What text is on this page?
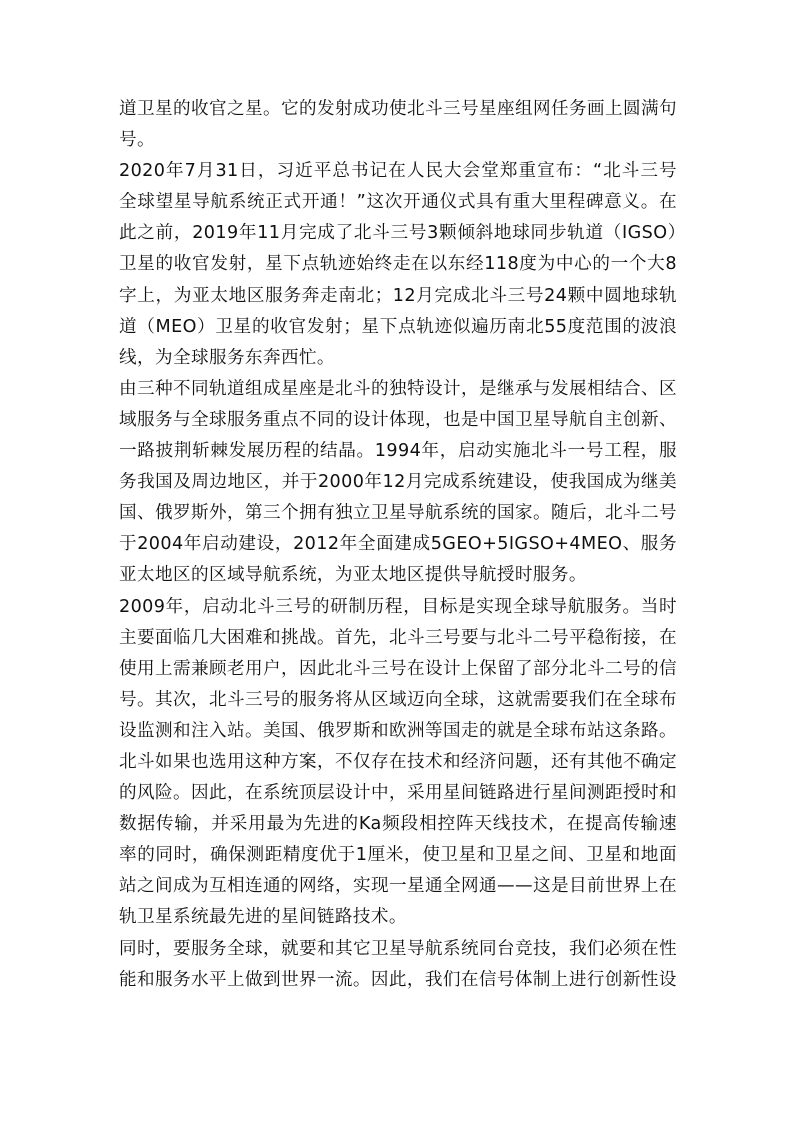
道卫星的收官之星。它的发射成功使北斗三号星座组网任务画上圆满句号。

2020年7月31日，习近平总书记在人民大会堂郑重宣布：“北斗三号全球望星导航系统正式开通！”这次开通仪式具有重大里程碑意义。在此之前，2019年11月完成了北斗三号3颗倾斜地球同步轨道（IGSO）卫星的收官发射，星下点轨迹始终走在以东经118度为中心的一个大8字上，为亚太地区服务奔走南北；12月完成北斗三号24颗中圆地球轨道（MEO）卫星的收官发射；星下点轨迹似遍历南北55度范围的波浪线，为全球服务东奔西忙。

由三种不同轨道组成星座是北斗的独特设计，是继承与发展相结合、区域服务与全球服务重点不同的设计体现，也是中国卫星导航自主创新、一路披荆斩棘发展历程的结晶。1994年，启动实施北斗一号工程，服务我国及周边地区，并于2000年12月完成系统建设，使我国成为继美国、俄罗斯外，第三个拥有独立卫星导航系统的国家。随后，北斗二号于2004年启动建设，2012年全面建成5GEO+5IGSO+4MEO、服务亚太地区的区域导航系统，为亚太地区提供导航授时服务。

2009年，启动北斗三号的研制历程，目标是实现全球导航服务。当时主要面临几大困难和挑战。首先，北斗三号要与北斗二号平稳衔接，在使用上需兼顾老用户，因此北斗三号在设计上保留了部分北斗二号的信号。其次，北斗三号的服务将从区域迈向全球，这就需要我们在全球布设监测和注入站。美国、俄罗斯和欧洲等国走的就是全球布站这条路。北斗如果也选用这种方案，不仅存在技术和经济问题，还有其他不确定的风险。因此，在系统顶层设计中，采用星间链路进行星间测距授时和数据传输，并采用最为先进的Ka频段相控阵天线技术，在提高传输速率的同时，确保测距精度优于1厘米，使卫星和卫星之间、卫星和地面站之间成为互相连通的网络，实现一星通全网通——这是目前世界上在轨卫星系统最先进的星间链路技术。

同时，要服务全球，就要和其它卫星导航系统同台竞技，我们必须在性能和服务水平上做到世界一流。因此，我们在信号体制上进行创新性设
